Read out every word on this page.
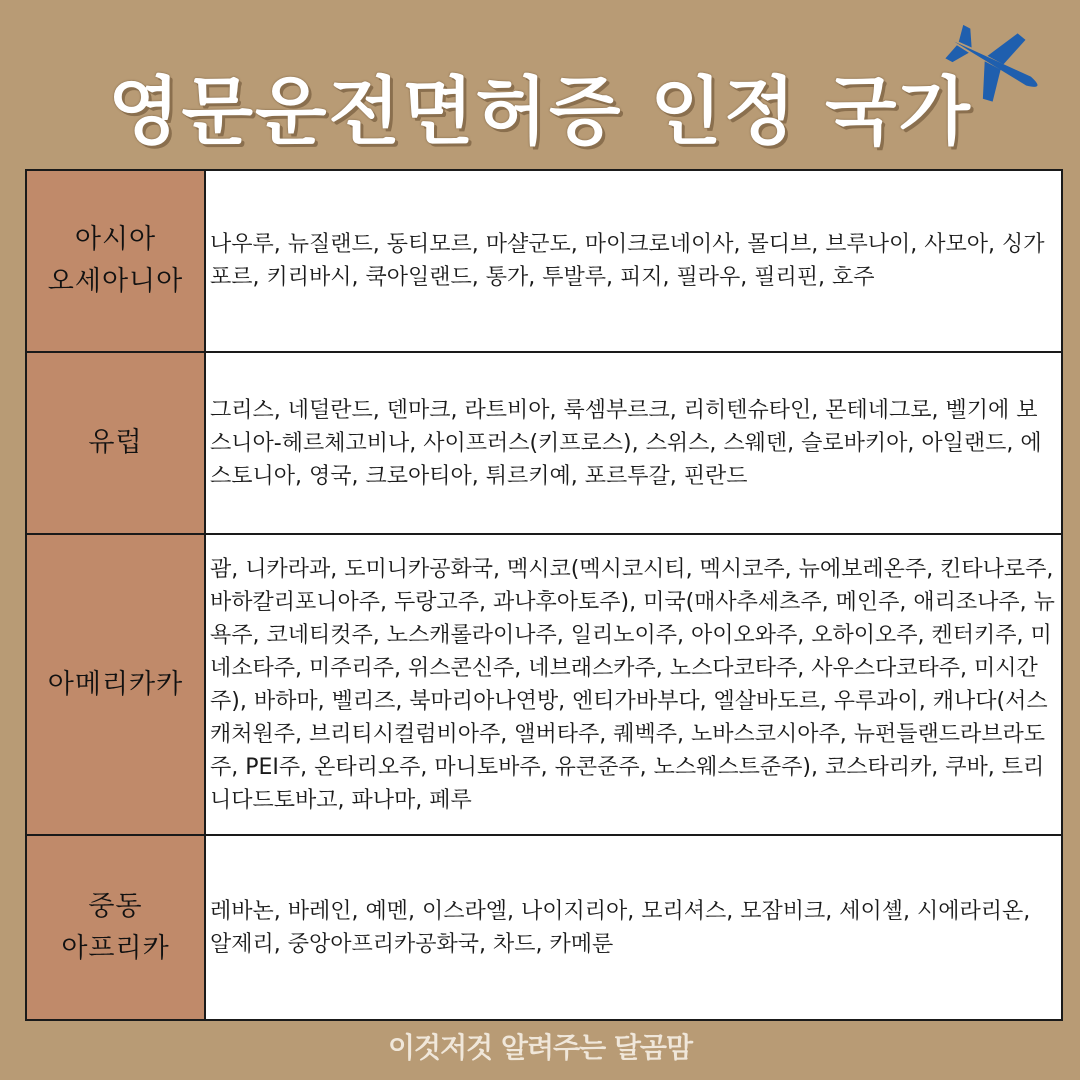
영문운전면허증 인정 국가
아시아
오세아니아
나우루, 뉴질랜드, 동티모르, 마샬군도, 마이크로네이사, 몰디브, 브루나이, 사모아, 싱가포르, 키리바시, 쿡아일랜드, 통가, 투발루, 피지, 필라우, 필리핀, 호주
유럽
그리스, 네덜란드, 덴마크, 라트비아, 룩셈부르크, 리히텐슈타인, 몬테네그로, 벨기에 보스니아-헤르체고비나, 사이프러스(키프로스), 스위스, 스웨덴, 슬로바키아, 아일랜드, 에스토니아, 영국, 크로아티아, 튀르키예, 포르투갈, 핀란드
아메리카카
괌, 니카라과, 도미니카공화국, 멕시코(멕시코시티, 멕시코주, 뉴에보레온주, 킨타나로주, 바하칼리포니아주, 두랑고주, 과나후아토주), 미국(매사추세츠주, 메인주, 애리조나주, 뉴욕주, 코네티컷주, 노스캐롤라이나주, 일리노이주, 아이오와주, 오하이오주, 켄터키주, 미네소타주, 미주리주, 위스콘신주, 네브래스카주, 노스다코타주, 사우스다코타주, 미시간주), 바하마, 벨리즈, 북마리아나연방, 엔티가바부다, 엘살바도르, 우루과이, 캐나다(서스캐처원주, 브리티시컬럼비아주, 앨버타주, 퀘벡주, 노바스코시아주, 뉴펀들랜드라브라도주, PEI주, 온타리오주, 마니토바주, 유콘준주, 노스웨스트준주), 코스타리카, 쿠바, 트리니다드토바고, 파나마, 페루
중동
아프리카
레바논, 바레인, 예멘, 이스라엘, 나이지리아, 모리셔스, 모잠비크, 세이셸, 시에라리온, 알제리, 중앙아프리카공화국, 차드, 카메룬
이것저것 알려주는 달곰맘
